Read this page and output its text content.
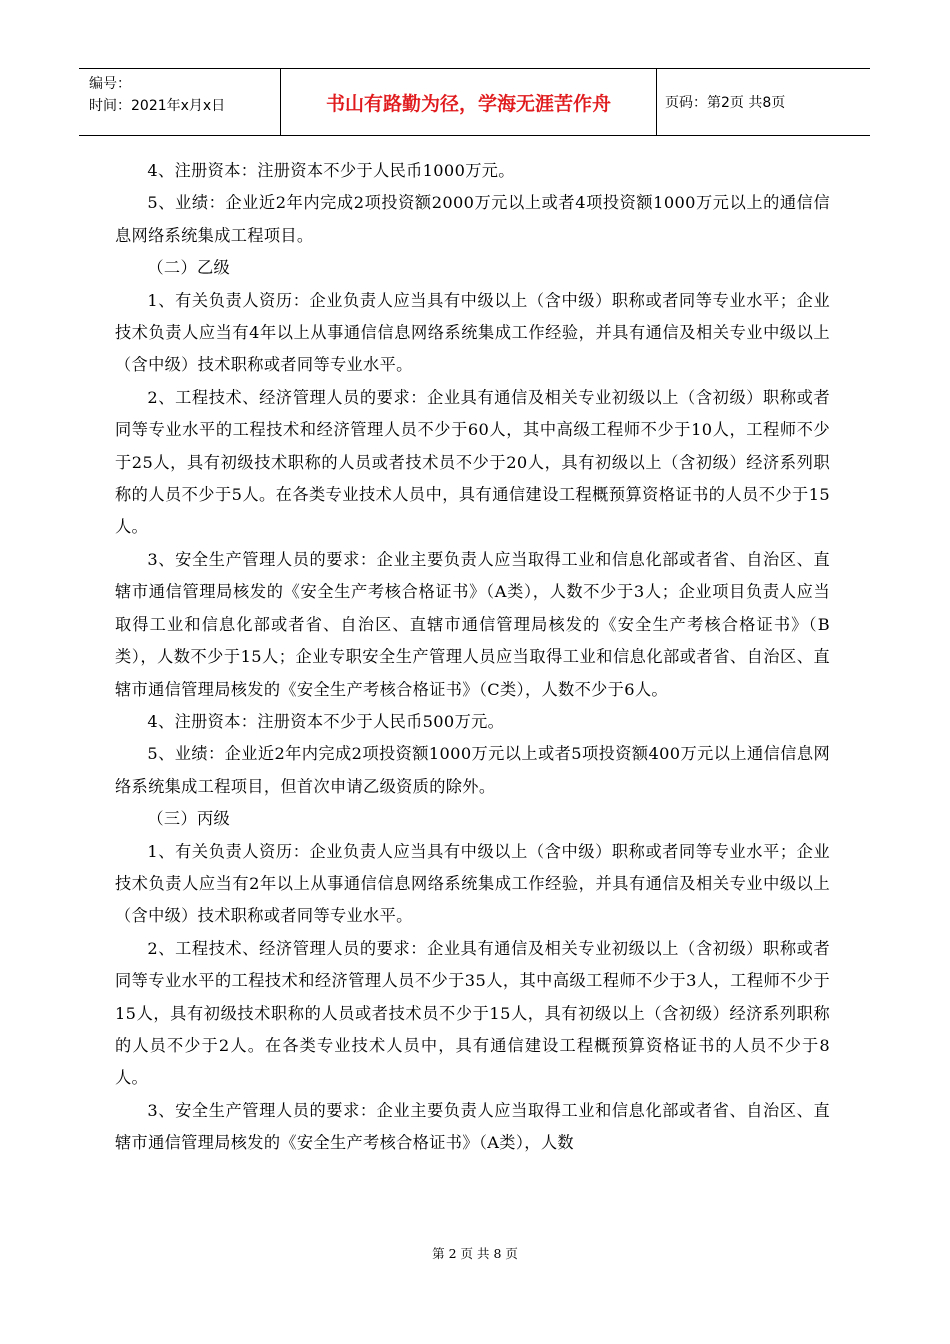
编号：
时间：2021年x月x日	书山有路勤为径，学海无涯苦作舟	页码：第2页 共8页

4、注册资本：注册资本不少于人民币1000万元。

5、业绩：企业近2年内完成2项投资额2000万元以上或者4项投资额1000万元以上的通信信息网络系统集成工程项目。

（二）乙级

1、有关负责人资历：企业负责人应当具有中级以上（含中级）职称或者同等专业水平；企业技术负责人应当有4年以上从事通信信息网络系统集成工作经验，并具有通信及相关专业中级以上（含中级）技术职称或者同等专业水平。

2、工程技术、经济管理人员的要求：企业具有通信及相关专业初级以上（含初级）职称或者同等专业水平的工程技术和经济管理人员不少于60人，其中高级工程师不少于10人，工程师不少于25人，具有初级技术职称的人员或者技术员不少于20人，具有初级以上（含初级）经济系列职称的人员不少于5人。在各类专业技术人员中，具有通信建设工程概预算资格证书的人员不少于15人。

3、安全生产管理人员的要求：企业主要负责人应当取得工业和信息化部或者省、自治区、直辖市通信管理局核发的《安全生产考核合格证书》（A类），人数不少于3人；企业项目负责人应当取得工业和信息化部或者省、自治区、直辖市通信管理局核发的《安全生产考核合格证书》（B类），人数不少于15人；企业专职安全生产管理人员应当取得工业和信息化部或者省、自治区、直辖市通信管理局核发的《安全生产考核合格证书》（C类），人数不少于6人。

4、注册资本：注册资本不少于人民币500万元。

5、业绩：企业近2年内完成2项投资额1000万元以上或者5项投资额400万元以上通信信息网络系统集成工程项目，但首次申请乙级资质的除外。

（三）丙级

1、有关负责人资历：企业负责人应当具有中级以上（含中级）职称或者同等专业水平；企业技术负责人应当有2年以上从事通信信息网络系统集成工作经验，并具有通信及相关专业中级以上（含中级）技术职称或者同等专业水平。

2、工程技术、经济管理人员的要求：企业具有通信及相关专业初级以上（含初级）职称或者同等专业水平的工程技术和经济管理人员不少于35人，其中高级工程师不少于3人，工程师不少于15人，具有初级技术职称的人员或者技术员不少于15人，具有初级以上（含初级）经济系列职称的人员不少于2人。在各类专业技术人员中，具有通信建设工程概预算资格证书的人员不少于8人。

3、安全生产管理人员的要求：企业主要负责人应当取得工业和信息化部或者省、自治区、直辖市通信管理局核发的《安全生产考核合格证书》（A类），人数

第 2 页 共 8 页
